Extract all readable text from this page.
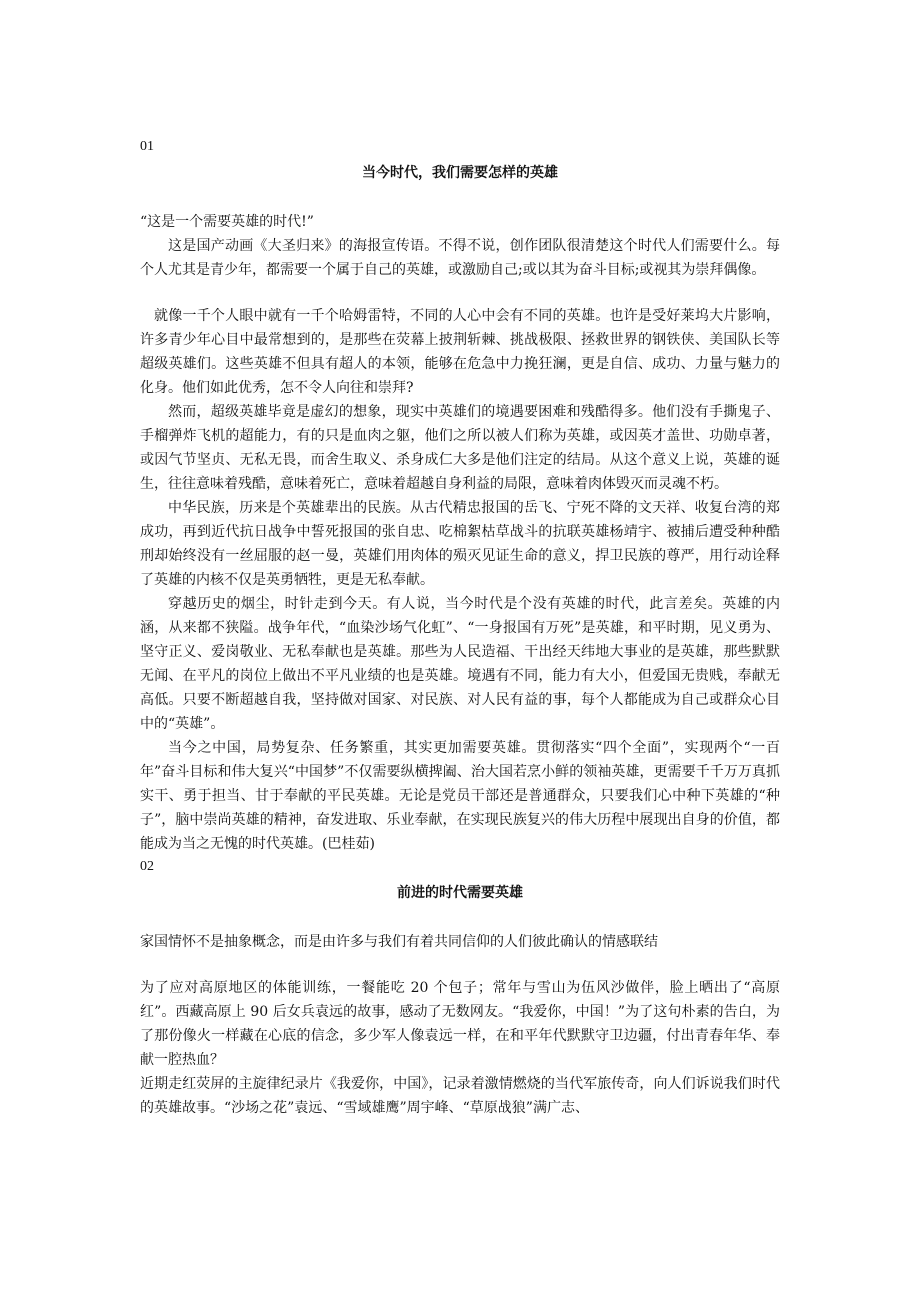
01

当今时代，我们需要怎样的英雄

“这是一个需要英雄的时代!”

这是国产动画《大圣归来》的海报宣传语。不得不说，创作团队很清楚这个时代人们需要什么。每个人尤其是青少年，都需要一个属于自己的英雄，或激励自己;或以其为奋斗目标;或视其为崇拜偶像。

就像一千个人眼中就有一千个哈姆雷特，不同的人心中会有不同的英雄。也许是受好莱坞大片影响，许多青少年心目中最常想到的，是那些在荧幕上披荆斩棘、挑战极限、拯救世界的钢铁侠、美国队长等超级英雄们。这些英雄不但具有超人的本领，能够在危急中力挽狂澜，更是自信、成功、力量与魅力的化身。他们如此优秀，怎不令人向往和崇拜?

然而，超级英雄毕竟是虚幻的想象，现实中英雄们的境遇要困难和残酷得多。他们没有手撕鬼子、手榴弹炸飞机的超能力，有的只是血肉之躯，他们之所以被人们称为英雄，或因英才盖世、功勋卓著，或因气节坚贞、无私无畏，而舍生取义、杀身成仁大多是他们注定的结局。从这个意义上说，英雄的诞生，往往意味着残酷，意味着死亡，意味着超越自身利益的局限，意味着肉体毁灭而灵魂不朽。

中华民族，历来是个英雄辈出的民族。从古代精忠报国的岳飞、宁死不降的文天祥、收复台湾的郑成功，再到近代抗日战争中誓死报国的张自忠、吃棉絮枯草战斗的抗联英雄杨靖宇、被捕后遭受种种酷刑却始终没有一丝屈服的赵一曼，英雄们用肉体的殒灭见证生命的意义，捍卫民族的尊严，用行动诠释了英雄的内核不仅是英勇牺牲，更是无私奉献。

穿越历史的烟尘，时针走到今天。有人说，当今时代是个没有英雄的时代，此言差矣。英雄的内涵，从来都不狭隘。战争年代，“血染沙场气化虹”、“一身报国有万死”是英雄，和平时期，见义勇为、坚守正义、爱岗敬业、无私奉献也是英雄。那些为人民造福、干出经天纬地大事业的是英雄，那些默默无闻、在平凡的岗位上做出不平凡业绩的也是英雄。境遇有不同，能力有大小，但爱国无贵贱，奉献无高低。只要不断超越自我，坚持做对国家、对民族、对人民有益的事，每个人都能成为自己或群众心目中的“英雄”。

当今之中国，局势复杂、任务繁重，其实更加需要英雄。贯彻落实“四个全面”，实现两个“一百年”奋斗目标和伟大复兴“中国梦”不仅需要纵横捭阖、治大国若烹小鲜的领袖英雄，更需要千千万万真抓实干、勇于担当、甘于奉献的平民英雄。无论是党员干部还是普通群众，只要我们心中种下英雄的“种子”，脑中崇尚英雄的精神，奋发进取、乐业奉献，在实现民族复兴的伟大历程中展现出自身的价值，都能成为当之无愧的时代英雄。(巴桂茹)

02

前进的时代需要英雄

家国情怀不是抽象概念，而是由许多与我们有着共同信仰的人们彼此确认的情感联结

为了应对高原地区的体能训练，一餐能吃 20 个包子；常年与雪山为伍风沙做伴，脸上晒出了“高原红”。西藏高原上 90 后女兵袁远的故事，感动了无数网友。“我爱你，中国！”为了这句朴素的告白，为了那份像火一样藏在心底的信念，多少军人像袁远一样，在和平年代默默守卫边疆，付出青春年华、奉献一腔热血？

近期走红荧屏的主旋律纪录片《我爱你，中国》，记录着激情燃烧的当代军旅传奇，向人们诉说我们时代的英雄故事。“沙场之花”袁远、“雪域雄鹰”周宇峰、“草原战狼”满广志、
